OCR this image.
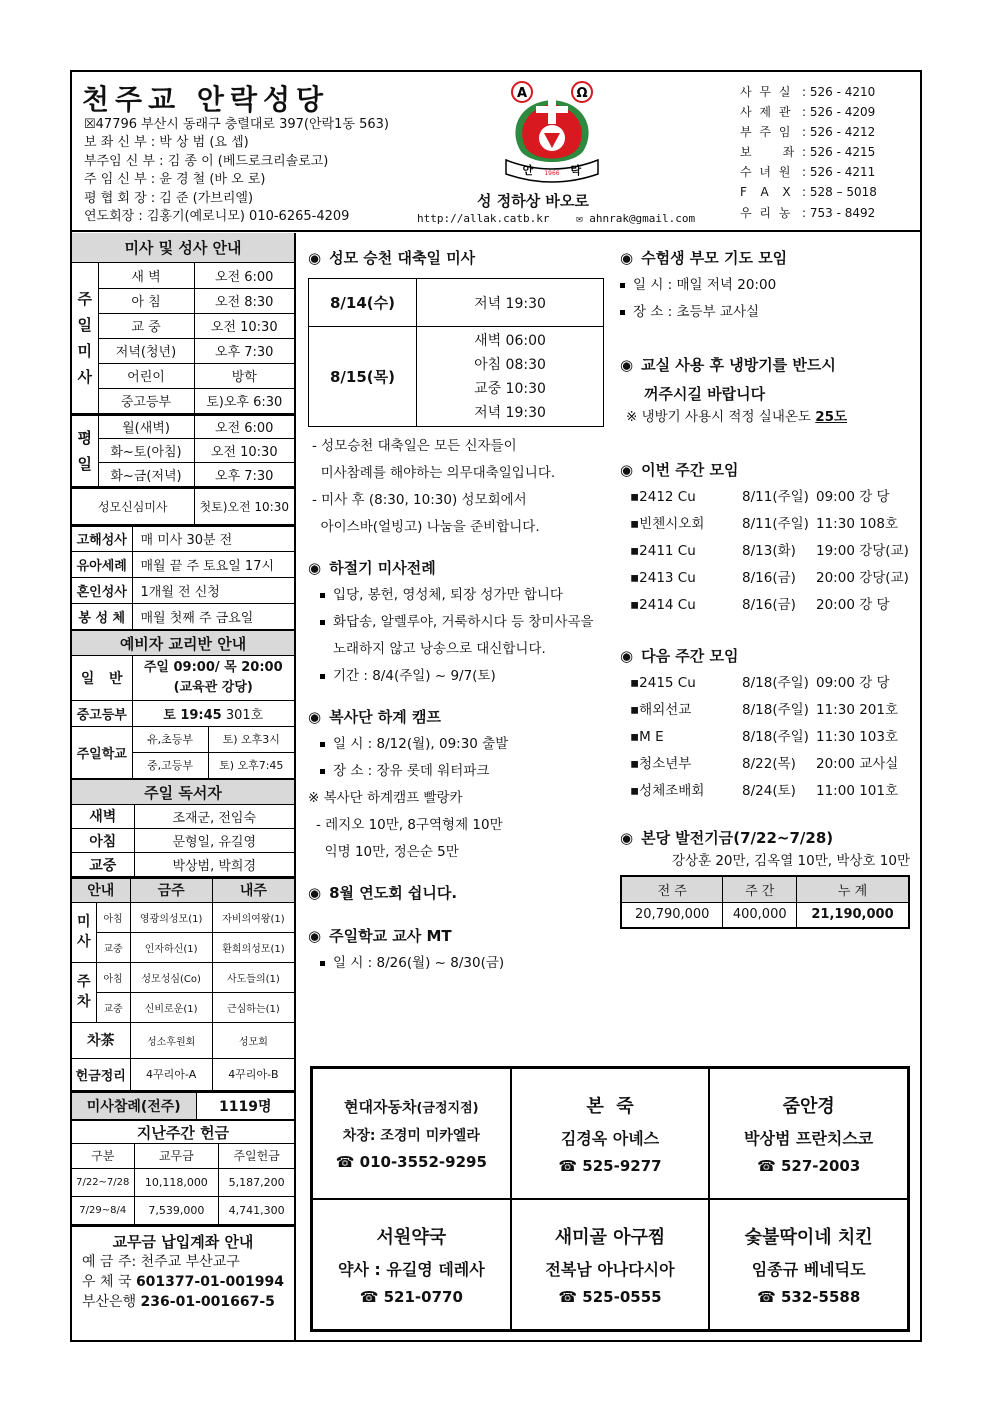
천주교 안락성당
☒47796 부산시 동래구 충렬대로 397(안락1동 563)
보 좌 신 부 : 박 상 범 (요 셉)
부주임 신 부 : 김 종 이 (베드로크리솔로고)
주 임 신 부 : 윤 경 철 (바 오 로)
평 협 회 장 : 김 준 (가브리엘)
연도회장 : 김홍기(예로니모) 010-6265-4209
Α	Ω
안	락
1966
성 정하상 바오로
http://allak.catb.kr ✉ ahnrak@gmail.com
사 무 실 : 526 - 4210
사 제 관 : 526 - 4209
부 주 임 : 526 - 4212
보     좌 : 526 - 4215
수 녀 원 : 526 - 4211
F  A  X : 528 – 5018
우 리 농 : 753 - 8492
미사 및 성사 안내
주
일
미
사	새 벽	오전 6:00
	아 침	오전 8:30
	교 중	오전 10:30
	저녁(청년)	오후 7:30
	어린이	방학
	중고등부	토)오후 6:30
평
일	월(새벽)	오전 6:00
	화~토(아침)	오전 10:30
	화~금(저녁)	오후 7:30
성모신심미사	첫토)오전 10:30
고해성사	매 미사 30분 전
유아세례	매월 끝 주 토요일 17시
혼인성사	1개월 전 신청
봉 성 체	매월 첫째 주 금요일
예비자 교리반 안내
일   반	주일 09:00/ 목 20:00
(교육관 강당)	

중고등부	토 19:45 301호	
주일학교	유,초등부	토) 오후3시
	중,고등부	토) 오후7:45
주일 독서자
새벽	조재군, 전임숙
아침	문형일, 유길영
교중	박상범, 박희경
안내		금주	내주
미
사	아침	영광의성모(1)	자비의여왕(1)
	교중	인자하신(1)	환희의성모(1)
주
차	아침	성모성심(Co)	사도들의(1)
	교중	신비로운(1)	근심하는(1)
차茶		성소후원회	성모회
헌금정리		4꾸리아-A	4꾸리아-B
미사참례(전주)	1119명
지난주간 헌금
구분	교무금	주일헌금
7/22~7/28	10,118,000	5,187,200
7/29~8/4	7,539,000	4,741,300
교무금 납입계좌 안내
예 금 주: 천주교 부산교구
우 체 국 601377-01-001994
부산은행 236-01-001667-5
◉ 성모 승천 대축일 미사
8/14(수)	저녁 19:30
8/15(목)	새벽 06:00
아침 08:30
교중 10:30
저녁 19:30
- 성모승천 대축일은 모든 신자들이
미사참례를 해야하는 의무대축일입니다.
- 미사 후 (8:30, 10:30) 성모회에서
아이스바(얼빙고) 나눔을 준비합니다.
◉ 하절기 미사전례
입당, 봉헌, 영성체, 퇴장 성가만 합니다
화답송, 알렐루야, 거룩하시다 등 창미사곡을
노래하지 않고 낭송으로 대신합니다.
기간 : 8/4(주일) ~ 9/7(토)
◉ 복사단 하계 캠프
일 시 : 8/12(월), 09:30 출발
장 소 : 장유 롯데 워터파크
※ 복사단 하계캠프 빨랑카
- 레지오 10만, 8구역형제 10만
익명 10만, 정은순 5만
◉ 8월 연도회 쉽니다.
◉ 주일학교 교사 MT
일 시 : 8/26(월) ~ 8/30(금)
◉ 수험생 부모 기도 모임
일 시 : 매일 저녁 20:00
장 소 : 초등부 교사실
◉ 교실 사용 후 냉방기를 반드시
꺼주시길 바랍니다
※ 냉방기 사용시 적정 실내온도 25도
◉ 이번 주간 모임
▪2412 Cu	8/11(주일) 09:00 강 당
▪빈첸시오회	8/11(주일) 11:30 108호
▪2411 Cu	8/13(화)	19:00 강당(교)
▪2413 Cu	8/16(금)	20:00 강당(교)
▪2414 Cu	8/16(금)	20:00 강 당
◉ 다음 주간 모임
▪2415 Cu	8/18(주일) 09:00 강 당
▪해외선교	8/18(주일) 11:30 201호
▪M E	8/18(주일) 11:30 103호
▪청소년부	8/22(목)	20:00 교사실
▪성체조배회	8/24(토)	11:00 101호
◉ 본당 발전기금(7/22~7/28)
강상훈 20만, 김옥열 10만, 박상호 10만
전 주	주 간	누 계
20,790,000	400,000	21,190,000
현대자동차(금정지점)
차장: 조경미 미카엘라
☎ 010-3552-9295
본  죽
김경옥 아녜스
☎ 525-9277
줌안경
박상범 프란치스코
☎ 527-2003
서원약국
약사 : 유길영 데레사
☎ 521-0770
새미골 아구찜
전복남 아나다시아
☎ 525-0555
숯불딱이네 치킨
임종규 베네딕도
☎ 532-5588
